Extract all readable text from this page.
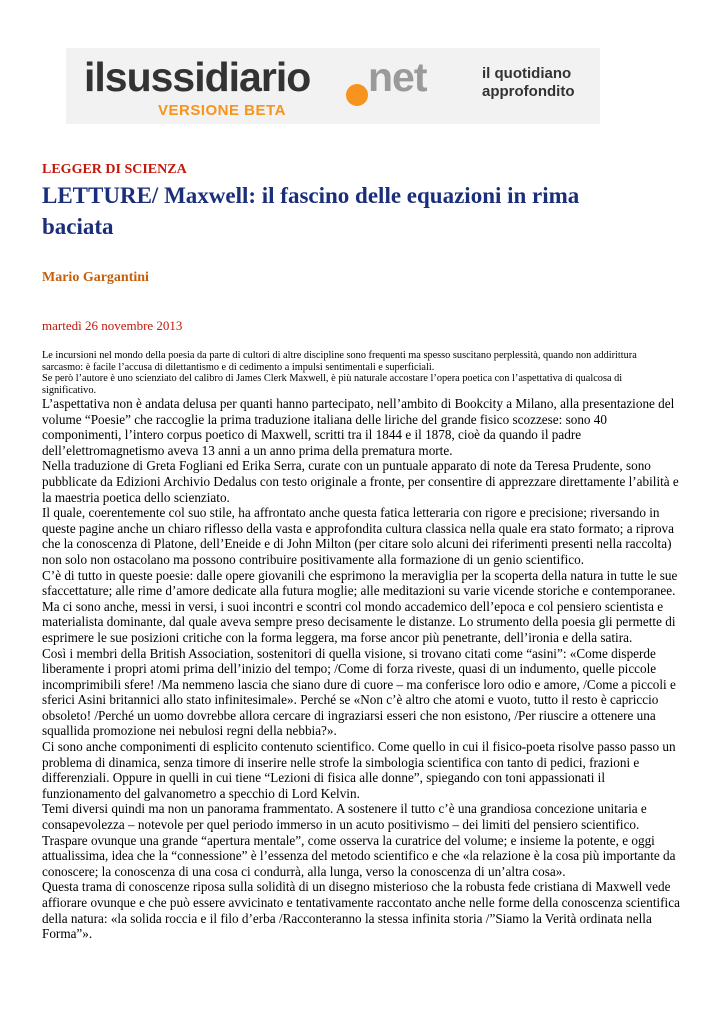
ilsussidiario net
VERSIONE BETA
il quotidiano approfondito
LEGGER DI SCIENZA
LETTURE/ Maxwell: il fascino delle equazioni in rima baciata
Mario Gargantini
martedì 26 novembre 2013

Le incursioni nel mondo della poesia da parte di cultori di altre discipline sono frequenti ma spesso suscitano perplessità, quando non addirittura sarcasmo: è facile l’accusa di dilettantismo e di cedimento a impulsi sentimentali e superficiali.

Se però l’autore è uno scienziato del calibro di James Clerk Maxwell, è più naturale accostare l’opera poetica con l’aspettativa di qualcosa di significativo.

L’aspettativa non è andata delusa per quanti hanno partecipato, nell’ambito di Bookcity a Milano, alla presentazione del volume “Poesie” che raccoglie la prima traduzione italiana delle liriche del grande fisico scozzese: sono 40 componimenti, l’intero corpus poetico di Maxwell, scritti tra il 1844 e il 1878, cioè da quando il padre dell’elettromagnetismo aveva 13 anni a un anno prima della prematura morte.

Nella traduzione di Greta Fogliani ed Erika Serra, curate con un puntuale apparato di note da Teresa Prudente, sono pubblicate da Edizioni Archivio Dedalus con testo originale a fronte, per consentire di apprezzare direttamente l’abilità e la maestria poetica dello scienziato.

Il quale, coerentemente col suo stile, ha affrontato anche questa fatica letteraria con rigore e precisione; riversando in queste pagine anche un chiaro riflesso della vasta e approfondita cultura classica nella quale era stato formato; a riprova che la conoscenza di Platone, dell’Eneide e di John Milton (per citare solo alcuni dei riferimenti presenti nella raccolta) non solo non ostacolano ma possono contribuire positivamente alla formazione di un genio scientifico.

C’è di tutto in queste poesie: dalle opere giovanili che esprimono la meraviglia per la scoperta della natura in tutte le sue sfaccettature; alle rime d’amore dedicate alla futura moglie; alle meditazioni su varie vicende storiche e contemporanee. Ma ci sono anche, messi in versi, i suoi incontri e scontri col mondo accademico dell’epoca e col pensiero scientista e materialista dominante, dal quale aveva sempre preso decisamente le distanze. Lo strumento della poesia gli permette di esprimere le sue posizioni critiche con la forma leggera, ma forse ancor più penetrante, dell’ironia e della satira.

Così i membri della British Association, sostenitori di quella visione, si trovano citati come “asini”: «Come disperde liberamente i propri atomi prima dell’inizio del tempo; /Come di forza riveste, quasi di un indumento, quelle piccole incomprimibili sfere! /Ma nemmeno lascia che siano dure di cuore – ma conferisce loro odio e amore, /Come a piccoli e sferici Asini britannici allo stato infinitesimale». Perché se «Non c’è altro che atomi e vuoto, tutto il resto è capriccio obsoleto! /Perché un uomo dovrebbe allora cercare di ingraziarsi esseri che non esistono, /Per riuscire a ottenere una squallida promozione nei nebulosi regni della nebbia?».

Ci sono anche componimenti di esplicito contenuto scientifico. Come quello in cui il fisico-poeta risolve passo passo un problema di dinamica, senza timore di inserire nelle strofe la simbologia scientifica con tanto di pedici, frazioni e differenziali. Oppure in quelli in cui tiene “Lezioni di fisica alle donne”, spiegando con toni appassionati il funzionamento del galvanometro a specchio di Lord Kelvin.

Temi diversi quindi ma non un panorama frammentato. A sostenere il tutto c’è una grandiosa concezione unitaria e consapevolezza – notevole per quel periodo immerso in un acuto positivismo – dei limiti del pensiero scientifico. Traspare ovunque una grande “apertura mentale”, come osserva la curatrice del volume; e insieme la potente, e oggi attualissima, idea che la “connessione” è l’essenza del metodo scientifico e che «la relazione è la cosa più importante da conoscere; la conoscenza di una cosa ci condurrà, alla lunga, verso la conoscenza di un’altra cosa».

Questa trama di conoscenze riposa sulla solidità di un disegno misterioso che la robusta fede cristiana di Maxwell vede affiorare ovunque e che può essere avvicinato e tentativamente raccontato anche nelle forme della conoscenza scientifica della natura: «la solida roccia e il filo d’erba /Racconteranno la stessa infinita storia /”Siamo la Verità ordinata nella Forma”».
